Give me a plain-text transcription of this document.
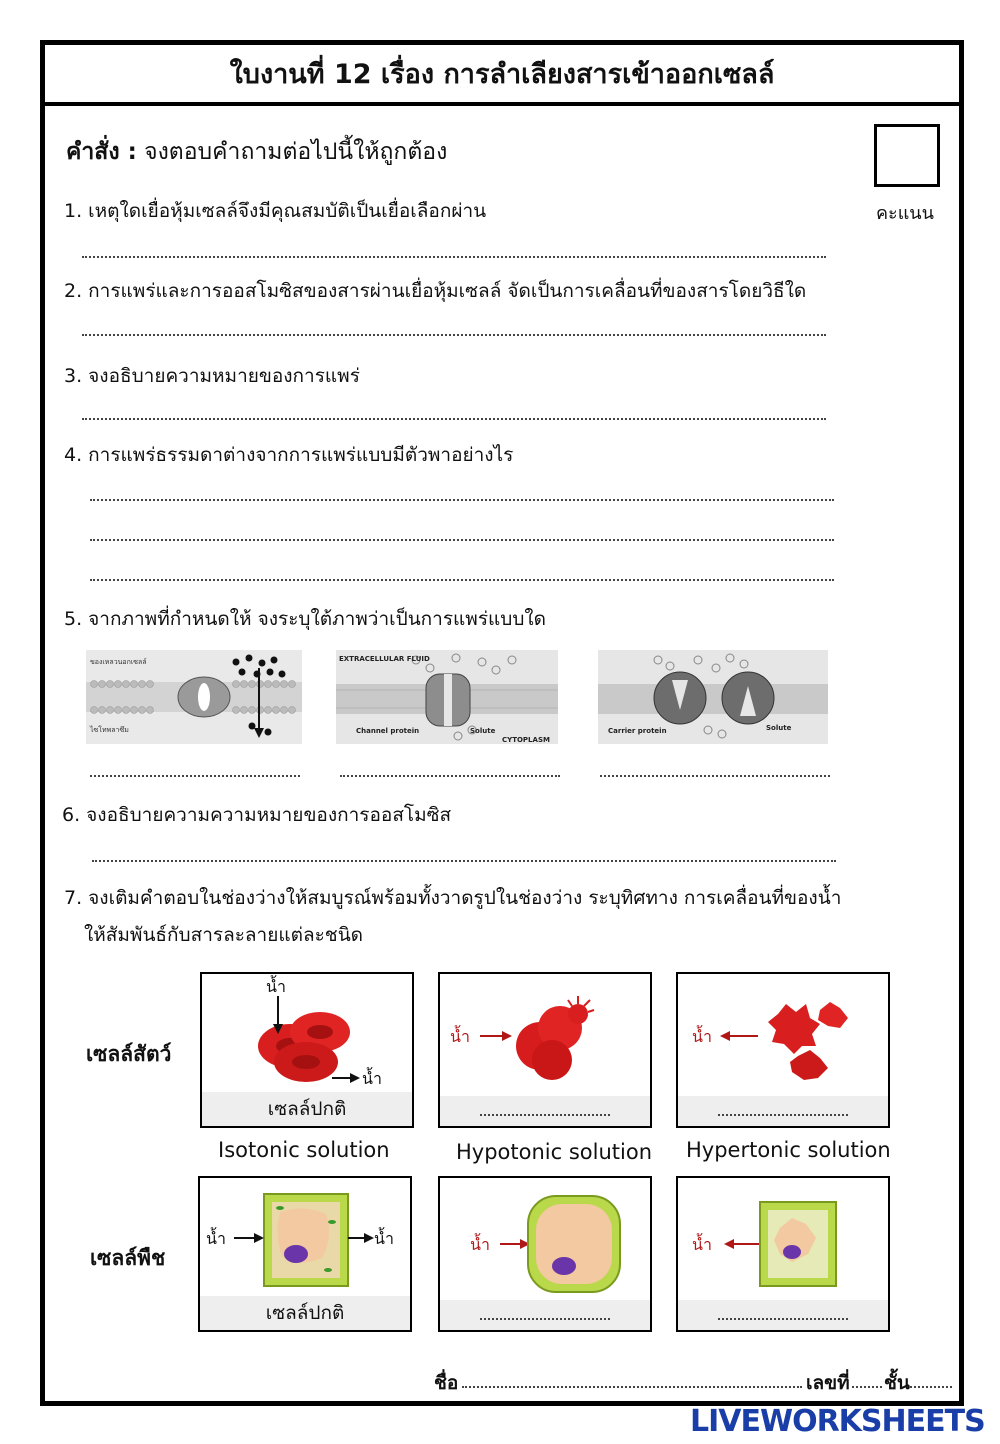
ใบงานที่ 12 เรื่อง การลำเลียงสารเข้าออกเซลล์
คำสั่ง : จงตอบคำถามต่อไปนี้ให้ถูกต้อง
คะแนน
1. เหตุใดเยื่อหุ้มเซลล์จึงมีคุณสมบัติเป็นเยื่อเลือกผ่าน
2. การแพร่และการออสโมซิสของสารผ่านเยื่อหุ้มเซลล์ จัดเป็นการเคลื่อนที่ของสารโดยวิธีใด
3. จงอธิบายความหมายของการแพร่
4. การแพร่ธรรมดาต่างจากการแพร่แบบมีตัวพาอย่างไร
5. จากภาพที่กำหนดให้ จงระบุใต้ภาพว่าเป็นการแพร่แบบใด
ของเหลวนอกเซลล์
ไซโทพลาซึม
EXTRACELLULAR FLUID
Channel protein	Solute
CYTOPLASM
Carrier protein	Solute
6. จงอธิบายความความหมายของการออสโมซิส
7. จงเติมคำตอบในช่องว่างให้สมบูรณ์พร้อมทั้งวาดรูปในช่องว่าง ระบุทิศทาง การเคลื่อนที่ของน้ำ
ให้สัมพันธ์กับสารละลายแต่ละชนิด
เซลล์สัตว์
เซลล์พืช
น้ำ
น้ำ
เซลล์ปกติ
น้ำ	น้ำ
Isotonic solution	Hypotonic solution Hypertonic solution
น้ำ	น้ำ
เซลล์ปกติ
น้ำ	น้ำ
ชื่อ	เลขที่ ชั้น
LIVEWORKSHEETS
